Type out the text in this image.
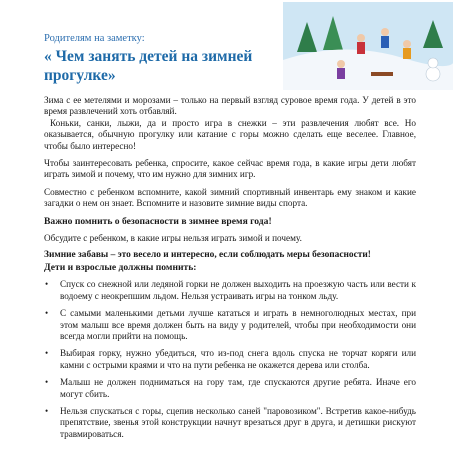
Родителям на заметку:
« Чем занять детей на зимней прогулке»

Зима с ее метелями и морозами – только на первый взгляд суровое время года. У детей в это время развлечений хоть отбавляй.

Коньки, санки, лыжи, да и просто игра в снежки – эти развлечения любят все. Но оказывается, обычную прогулку или катание с горы можно сделать еще веселее. Главное, чтобы было интересно!

Чтобы заинтересовать ребенка, спросите, какое сейчас время года, в какие игры дети любят играть зимой и почему, что им нужно для зимних игр.

Совместно с ребенком вспомните, какой зимний спортивный инвентарь ему знаком и какие загадки о нем он знает. Вспомните и назовите зимние виды спорта.

Важно помнить о безопасности в зимнее время года!

Обсудите с ребенком, в какие игры нельзя играть зимой и почему.

Зимние забавы – это весело и интересно, если соблюдать меры безопасности!

Дети и взрослые должны помнить:

• Спуск со снежной или ледяной горки не должен выходить на проезжую часть или вести к водоему с неокрепшим льдом. Нельзя устраивать игры на тонком льду.
• С самыми маленькими детьми лучше кататься и играть в немноголюдных местах, при этом малыш все время должен быть на виду у родителей, чтобы при необходимости они всегда могли прийти на помощь.
• Выбирая горку, нужно убедиться, что из-под снега вдоль спуска не торчат коряги или камни с острыми краями и что на пути ребенка не окажется дерева или столба.
• Малыш не должен подниматься на гору там, где спускаются другие ребята. Иначе его могут сбить.
• Нельзя спускаться с горы, сцепив несколько саней "паровозиком". Встретив какое-нибудь препятствие, звенья этой конструкции начнут врезаться друг в друга, и детишки рискуют травмироваться.
